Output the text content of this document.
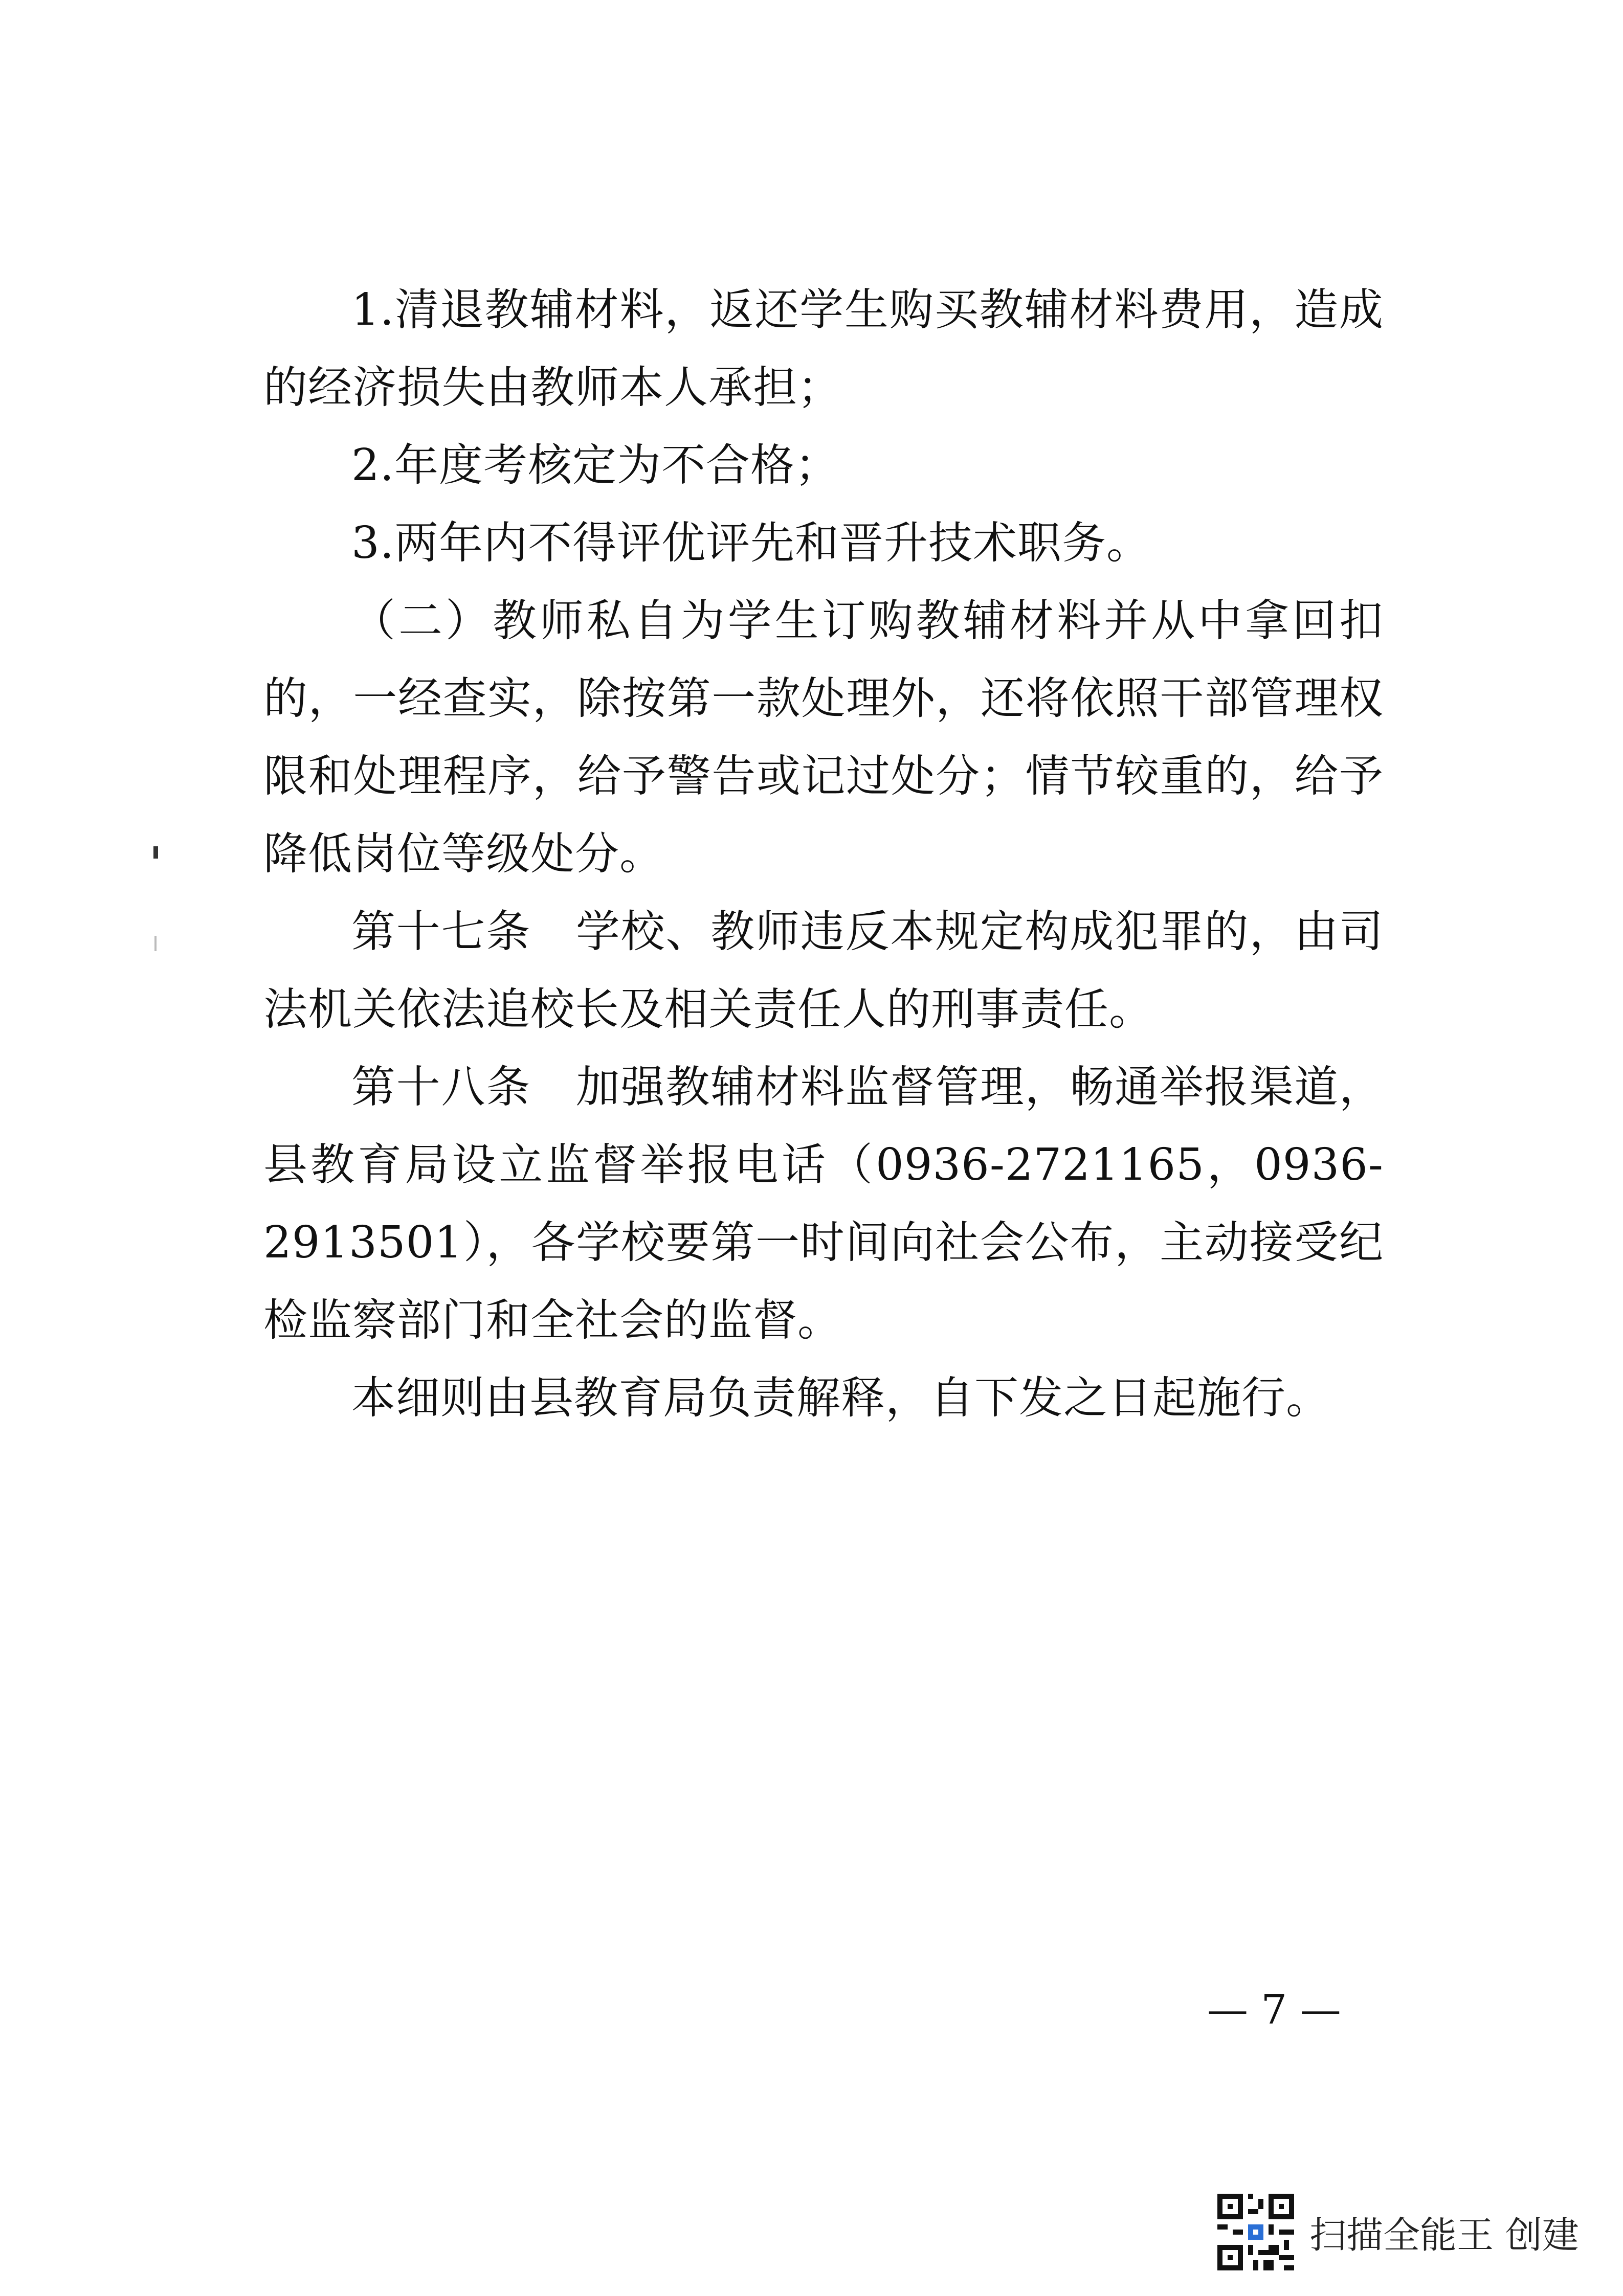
1.清退教辅材料，返还学生购买教辅材料费用，造成的经济损失由教师本人承担；

2.年度考核定为不合格；

3.两年内不得评优评先和晋升技术职务。

（二）教师私自为学生订购教辅材料并从中拿回扣的，一经查实，除按第一款处理外，还将依照干部管理权限和处理程序，给予警告或记过处分；情节较重的，给予降低岗位等级处分。

第十七条　学校、教师违反本规定构成犯罪的，由司法机关依法追校长及相关责任人的刑事责任。

第十八条　加强教辅材料监督管理，畅通举报渠道，县教育局设立监督举报电话（0936-2721165，0936-2913501），各学校要第一时间向社会公布，主动接受纪检监察部门和全社会的监督。

本细则由县教育局负责解释，自下发之日起施行。

— 7 —
扫描全能王 创建
